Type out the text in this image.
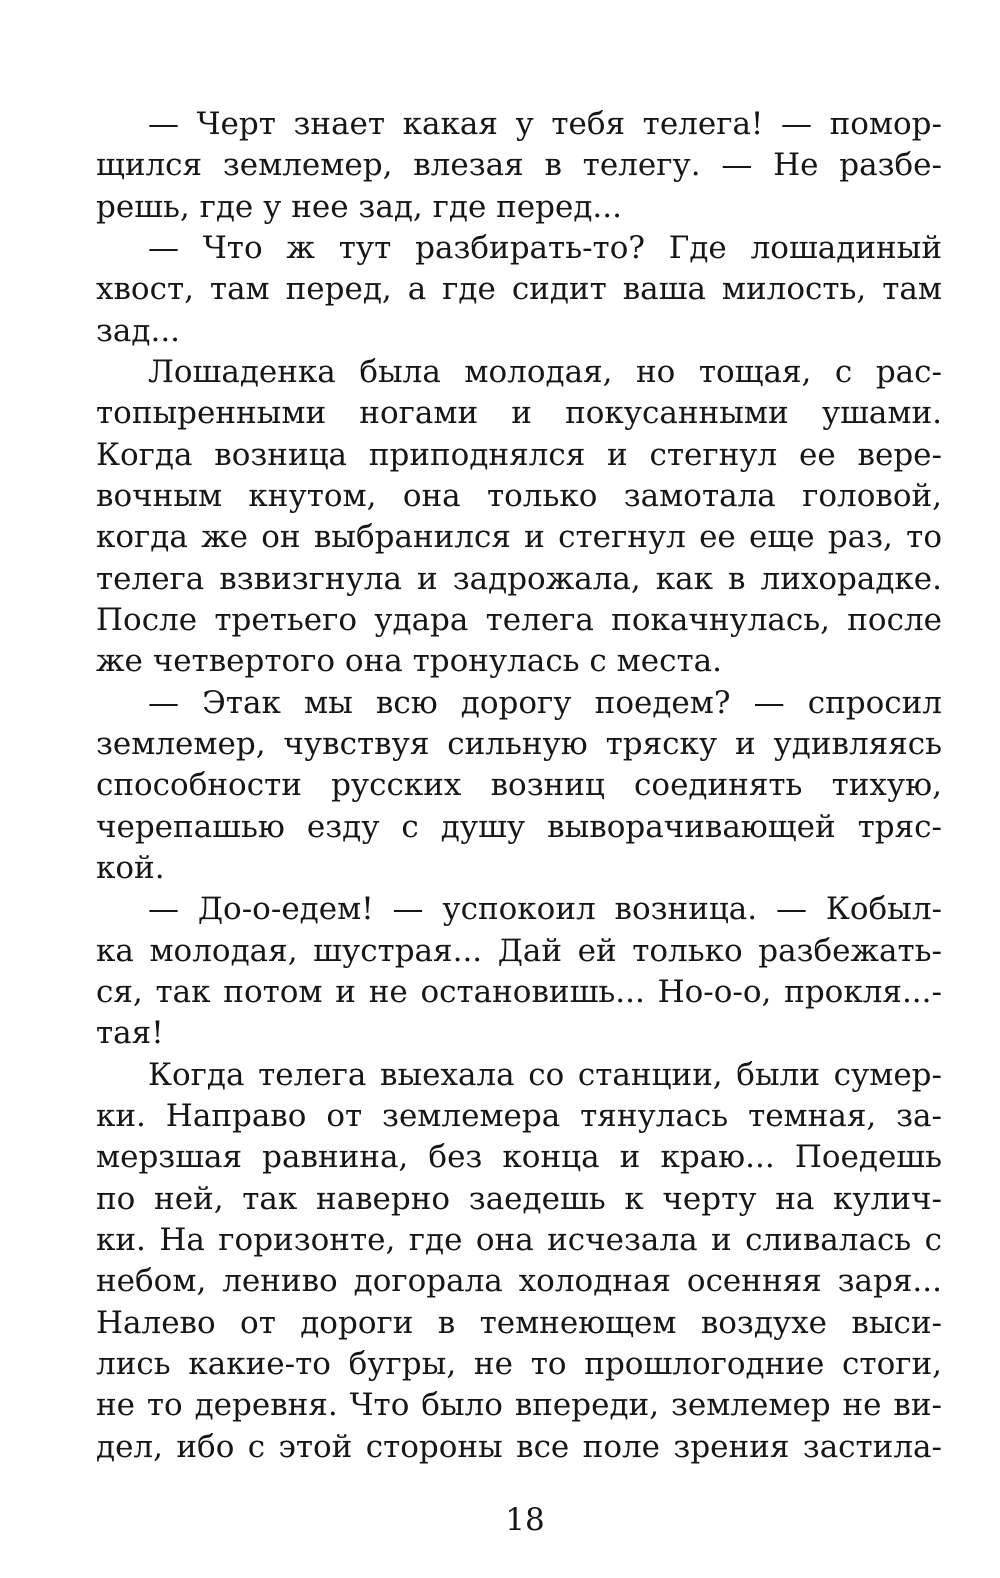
— Черт знает какая у тебя телега! — помор-
щился землемер, влезая в телегу. — Не разбе-
решь, где у нее зад, где перед...
— Что ж тут разбирать-то? Где лошадиный
хвост, там перед, а где сидит ваша милость, там
зад...
Лошаденка была молодая, но тощая, с рас-
топыренными ногами и покусанными ушами.
Когда возница приподнялся и стегнул ее вере-
вочным кнутом, она только замотала головой,
когда же он выбранился и стегнул ее еще раз, то
телега взвизгнула и задрожала, как в лихорадке.
После третьего удара телега покачнулась, после
же четвертого она тронулась с места.
— Этак мы всю дорогу поедем? — спросил
землемер, чувствуя сильную тряску и удивляясь
способности русских возниц соединять тихую,
черепашью езду с душу выворачивающей тряс-
кой.
— До-о-едем! — успокоил возница. — Кобыл-
ка молодая, шустрая... Дай ей только разбежать-
ся, так потом и не остановишь... Но-о-о, прокля...-
тая!
Когда телега выехала со станции, были сумер-
ки. Направо от землемера тянулась темная, за-
мерзшая равнина, без конца и краю... Поедешь
по ней, так наверно заедешь к черту на кулич-
ки. На горизонте, где она исчезала и сливалась с
небом, лениво догорала холодная осенняя заря...
Налево от дороги в темнеющем воздухе выси-
лись какие-то бугры, не то прошлогодние стоги,
не то деревня. Что было впереди, землемер не ви-
дел, ибо с этой стороны все поле зрения застила-
18
